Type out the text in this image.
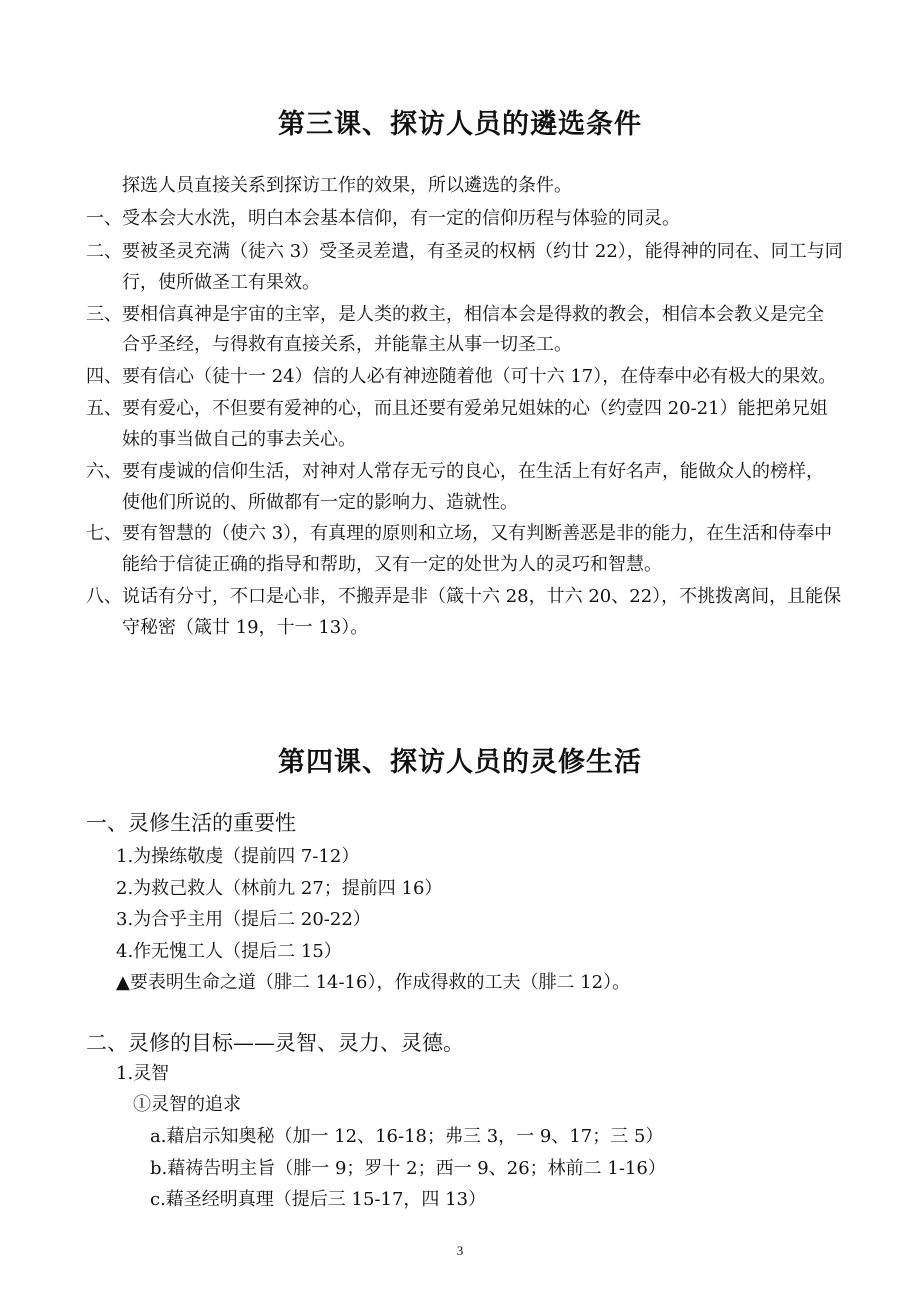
第三课、探访人员的遴选条件
探选人员直接关系到探访工作的效果，所以遴选的条件。
一、受本会大水洗，明白本会基本信仰，有一定的信仰历程与体验的同灵。
二、要被圣灵充满（徒六 3）受圣灵差遣，有圣灵的权柄（约廿 22），能得神的同在、同工与同
行，使所做圣工有果效。
三、要相信真神是宇宙的主宰，是人类的救主，相信本会是得救的教会，相信本会教义是完全
合乎圣经，与得救有直接关系，并能靠主从事一切圣工。
四、要有信心（徒十一 24）信的人必有神迹随着他（可十六 17），在侍奉中必有极大的果效。
五、要有爱心，不但要有爱神的心，而且还要有爱弟兄姐妹的心（约壹四 20-21）能把弟兄姐
妹的事当做自己的事去关心。
六、要有虔诚的信仰生活，对神对人常存无亏的良心，在生活上有好名声，能做众人的榜样，
使他们所说的、所做都有一定的影响力、造就性。
七、要有智慧的（使六 3），有真理的原则和立场，又有判断善恶是非的能力，在生活和侍奉中
能给于信徒正确的指导和帮助，又有一定的处世为人的灵巧和智慧。
八、说话有分寸，不口是心非，不搬弄是非（箴十六 28，廿六 20、22），不挑拨离间，且能保
守秘密（箴廿 19，十一 13）。
第四课、探访人员的灵修生活
一、灵修生活的重要性
1.为操练敬虔（提前四 7-12）
2.为救己救人（林前九 27；提前四 16）
3.为合乎主用（提后二 20-22）
4.作无愧工人（提后二 15）
▲要表明生命之道（腓二 14-16），作成得救的工夫（腓二 12）。
二、灵修的目标——灵智、灵力、灵德。
1.灵智
①灵智的追求
a.藉启示知奥秘（加一 12、16-18；弗三 3，一 9、17；三 5）
b.藉祷告明主旨（腓一 9；罗十 2；西一 9、26；林前二 1-16）
c.藉圣经明真理（提后三 15-17，四 13）
3
